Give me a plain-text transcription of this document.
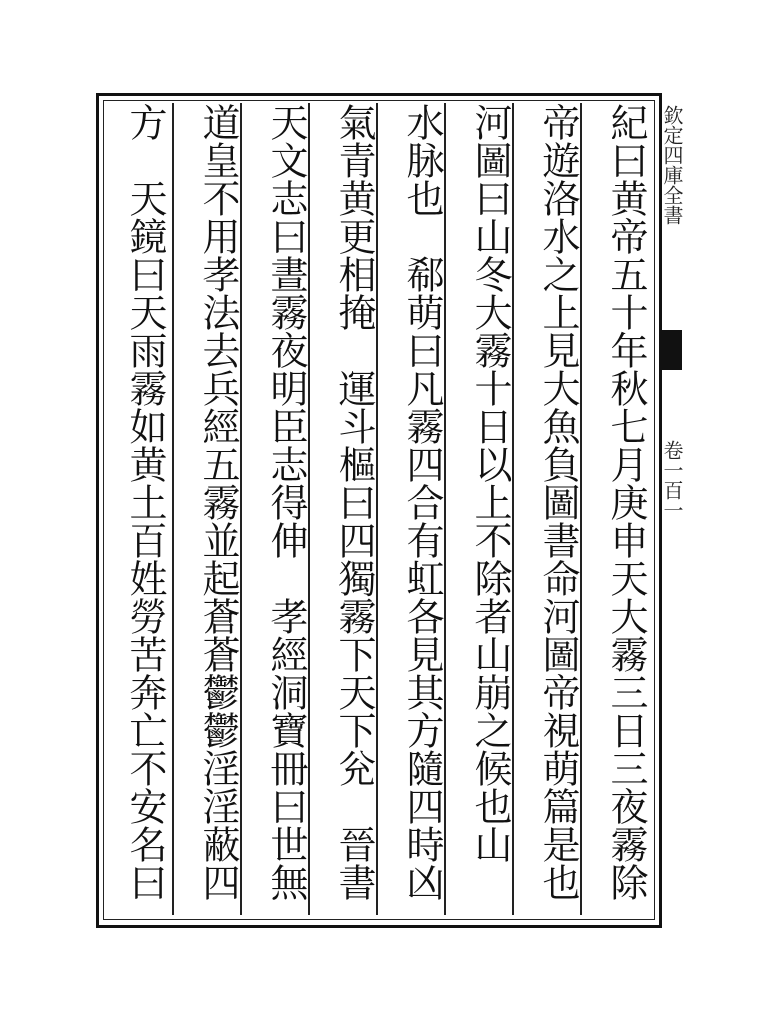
紀曰黄帝五十年秋七月庚申天大霧三日三夜霧除
帝遊洛水之上見大魚負圖書命河圖帝視萌篇是也
河圖曰山冬大霧十日以上不除者山崩之候也山
水脉也　郗萌曰凡霧四合有虹各見其方隨四時凶
氣青黄更相掩　運斗樞曰四獨霧下天下兊　晉書
天文志曰晝霧夜明臣志得伸　孝經洞寶冊曰世無
道皇不用孝法去兵經五霧並起蒼蒼鬱鬱淫淫蔽四
方　天鏡曰天雨霧如黄土百姓勞苦奔亡不安名曰	欽定四庫全書
卷一百一
